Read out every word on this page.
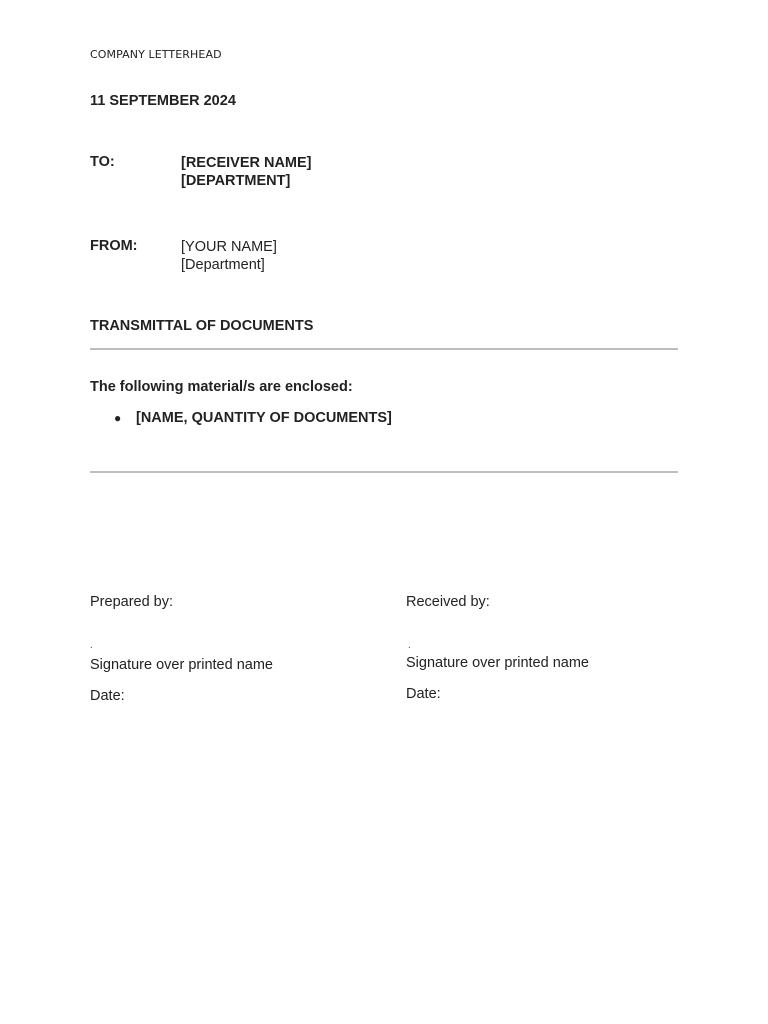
COMPANY LETTERHEAD
11 SEPTEMBER 2024
TO:	[RECEIVER NAME]
[DEPARTMENT]
FROM:	[YOUR NAME]
[Department]
TRANSMITTAL OF DOCUMENTS
The following material/s are enclosed:
● [NAME, QUANTITY OF DOCUMENTS]
Prepared by:
.
Signature over printed name
Date:
Received by:
.
Signature over printed name
Date:
